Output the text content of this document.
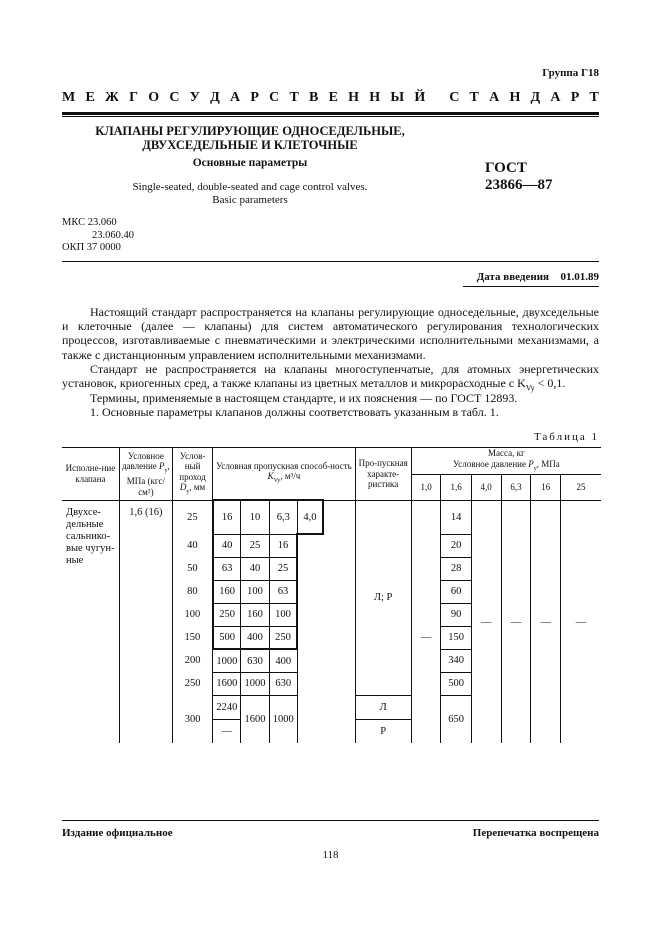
Группа Г18
М Е Ж Г О С У Д А Р С Т В Е Н Н Ы Й
С Т А Н Д А Р Т
КЛАПАНЫ РЕГУЛИРУЮЩИЕ ОДНОСЕДЕЛЬНЫЕ,
ДВУХСЕДЕЛЬНЫЕ И КЛЕТОЧНЫЕ
Основные параметры
Single-seated, double-seated and cage control valves.
Basic parameters
ГОСТ
23866—87
МКС 23.060
23.060.40
ОКП 37 0000
Дата введения 01.01.89
Настоящий стандарт распространяется на клапаны регулирующие односедельные, двухседельные и клеточные (далее — клапаны) для систем автоматического регулирования технологических процессов, изготавливаемые с пневматическими и электрическими исполнительными механизмами, а также с дистанционным управлением исполнительными механизмами.
Стандарт не распространяется на клапаны многоступенчатые, для атомных энергетических установок, криогенных сред, а также клапаны из цветных металлов и микрорасходные с $K_{Vy} < 0,1$.
Термины, применяемые в настоящем стандарте, и их пояснения — по ГОСТ 12893.
1. Основные параметры клапанов должны соответствовать указанным в табл. 1.
Таблица 1
Исполне-ние клапана	Условное давление $P_y$, МПа (кгс/см²)	Услов-ный проход $D_y$, мм	Условная пропускная способ-ность $K_{Vy}$, м³/ч					Про-пускная характе-ристика	Масса, кг
Условное давление $P_y$, МПа					
									1,0	1,6	4,0	6,3	16	25
Двухсе-дельные сальнико-вые чугун-ные	1,6 (16)	25	16	10	6,3	4,0		Л; Р		14	—	—	—	—
		40	40	25	16					20				
		50	63	40	25					28				
		80	160	100	63					60				
		100	250	160	100					90				
		150	500	400	250				—	150				
		200	1000	630	400					340				
		250	1600	1000	630					500				
		300	2240	1600	1000			Л		650				
			—					Р						
Издание официальное	Перепечатка воспрещена
118
